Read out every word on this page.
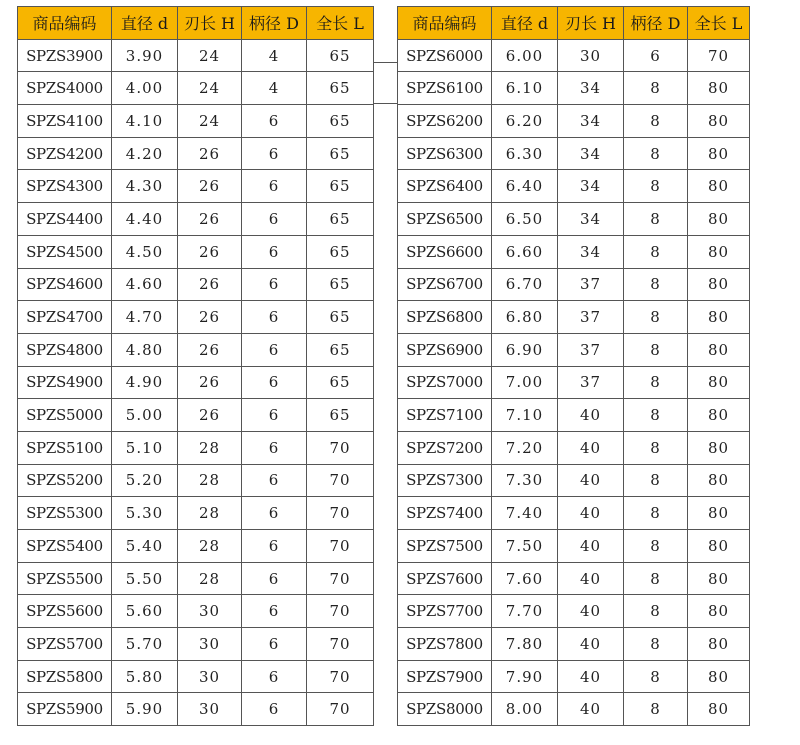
商品编码	直径 d	刃长 H	柄径 D	全长 L
SPZS3900	3.90	24	4	65
SPZS4000	4.00	24	4	65
SPZS4100	4.10	24	6	65
SPZS4200	4.20	26	6	65
SPZS4300	4.30	26	6	65
SPZS4400	4.40	26	6	65
SPZS4500	4.50	26	6	65
SPZS4600	4.60	26	6	65
SPZS4700	4.70	26	6	65
SPZS4800	4.80	26	6	65
SPZS4900	4.90	26	6	65
SPZS5000	5.00	26	6	65
SPZS5100	5.10	28	6	70
SPZS5200	5.20	28	6	70
SPZS5300	5.30	28	6	70
SPZS5400	5.40	28	6	70
SPZS5500	5.50	28	6	70
SPZS5600	5.60	30	6	70
SPZS5700	5.70	30	6	70
SPZS5800	5.80	30	6	70
SPZS5900	5.90	30	6	70
商品编码	直径 d	刃长 H	柄径 D	全长 L
SPZS6000	6.00	30	6	70
SPZS6100	6.10	34	8	80
SPZS6200	6.20	34	8	80
SPZS6300	6.30	34	8	80
SPZS6400	6.40	34	8	80
SPZS6500	6.50	34	8	80
SPZS6600	6.60	34	8	80
SPZS6700	6.70	37	8	80
SPZS6800	6.80	37	8	80
SPZS6900	6.90	37	8	80
SPZS7000	7.00	37	8	80
SPZS7100	7.10	40	8	80
SPZS7200	7.20	40	8	80
SPZS7300	7.30	40	8	80
SPZS7400	7.40	40	8	80
SPZS7500	7.50	40	8	80
SPZS7600	7.60	40	8	80
SPZS7700	7.70	40	8	80
SPZS7800	7.80	40	8	80
SPZS7900	7.90	40	8	80
SPZS8000	8.00	40	8	80
